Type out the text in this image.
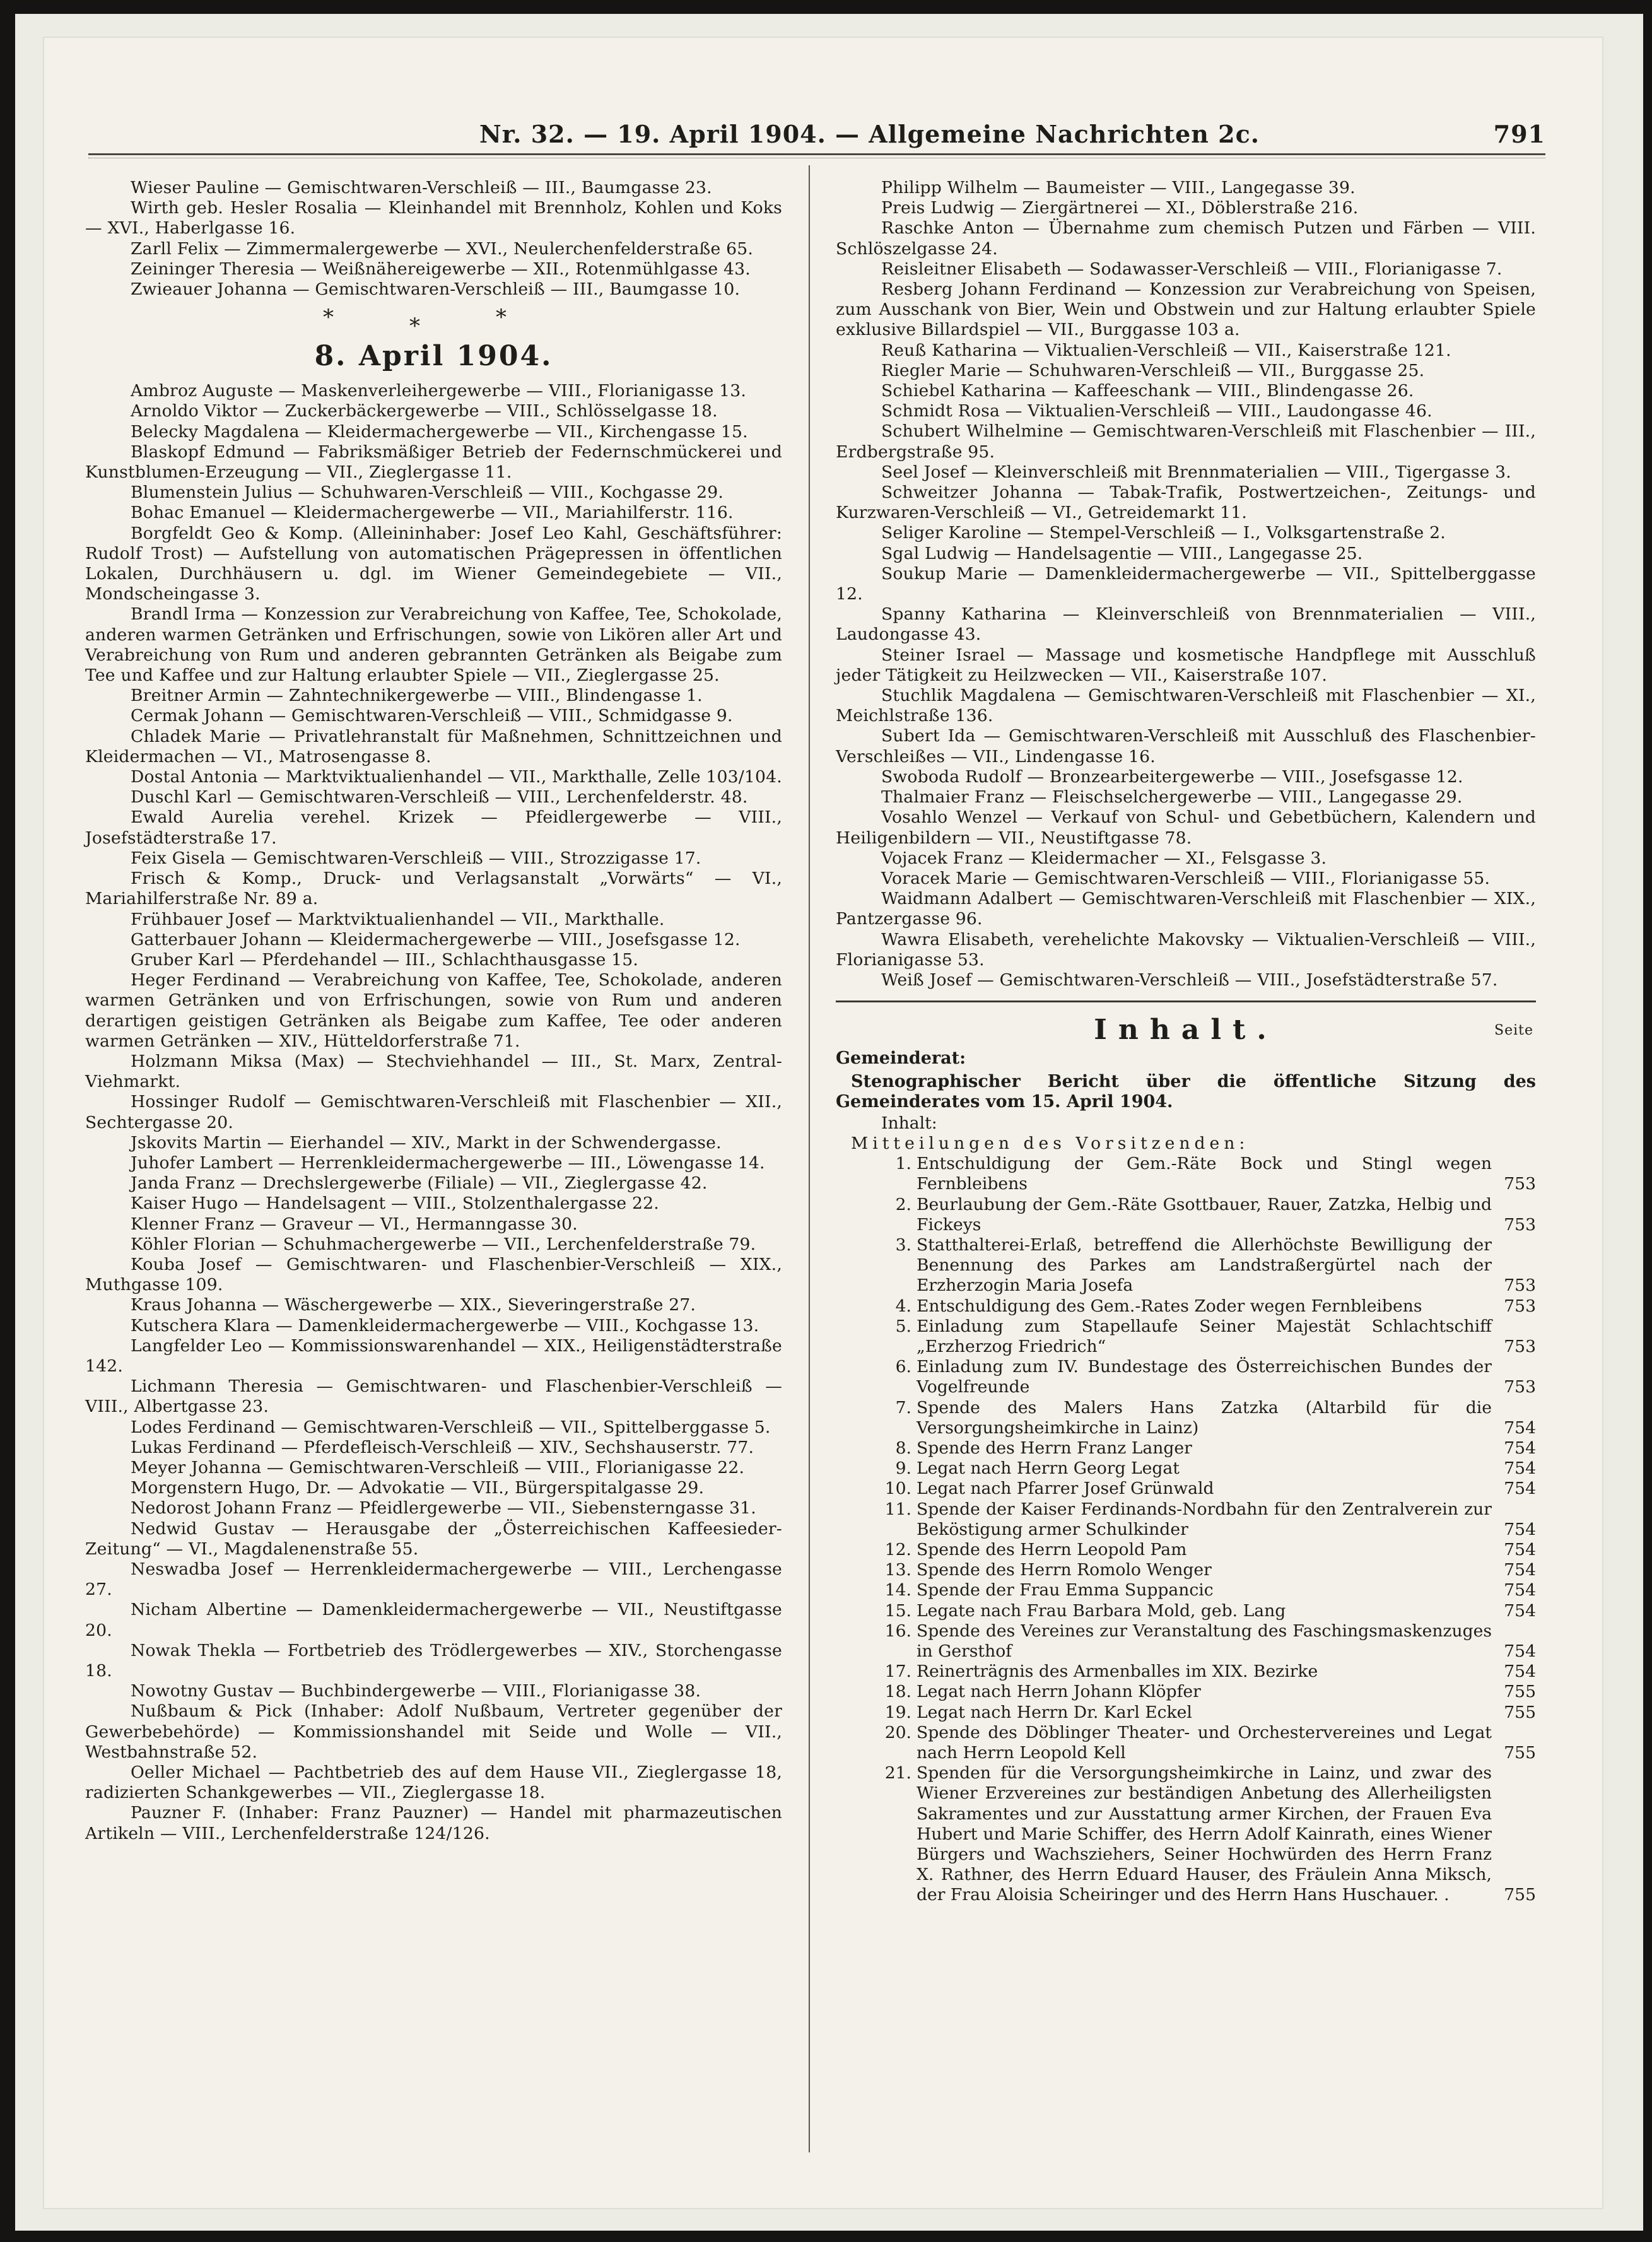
Nr. 32. — 19. April 1904. — Allgemeine Nachrichten 2c.	791

Wieser Pauline — Gemischtwaren-Verschleiß — III., Baumgasse 23.

Wirth geb. Hesler Rosalia — Kleinhandel mit Brennholz, Kohlen und Koks — XVI., Haberlgasse 16.

Zarll Felix — Zimmermalergewerbe — XVI., Neulerchenfelderstraße 65.

Zeininger Theresia — Weißnähereigewerbe — XII., Rotenmühlgasse 43.

Zwieauer Johanna — Gemischtwaren-Verschleiß — III., Baumgasse 10.

* * *
8. April 1904.

Ambroz Auguste — Maskenverleihergewerbe — VIII., Florianigasse 13.

Arnoldo Viktor — Zuckerbäckergewerbe — VIII., Schlösselgasse 18.

Belecky Magdalena — Kleidermachergewerbe — VII., Kirchengasse 15.

Blaskopf Edmund — Fabriksmäßiger Betrieb der Federnschmückerei und Kunstblumen-Erzeugung — VII., Zieglergasse 11.

Blumenstein Julius — Schuhwaren-Verschleiß — VIII., Kochgasse 29.

Bohac Emanuel — Kleidermachergewerbe — VII., Mariahilferstr. 116.

Borgfeldt Geo & Komp. (Alleininhaber: Josef Leo Kahl, Geschäftsführer: Rudolf Trost) — Aufstellung von automatischen Prägepressen in öffentlichen Lokalen, Durchhäusern u. dgl. im Wiener Gemeindegebiete — VII., Mondscheingasse 3.

Brandl Irma — Konzession zur Verabreichung von Kaffee, Tee, Schokolade, anderen warmen Getränken und Erfrischungen, sowie von Likören aller Art und Verabreichung von Rum und anderen gebrannten Getränken als Beigabe zum Tee und Kaffee und zur Haltung erlaubter Spiele — VII., Zieglergasse 25.

Breitner Armin — Zahntechnikergewerbe — VIII., Blindengasse 1.

Cermak Johann — Gemischtwaren-Verschleiß — VIII., Schmidgasse 9.

Chladek Marie — Privatlehranstalt für Maßnehmen, Schnittzeichnen und Kleidermachen — VI., Matrosengasse 8.

Dostal Antonia — Marktviktualienhandel — VII., Markthalle, Zelle 103/104.

Duschl Karl — Gemischtwaren-Verschleiß — VIII., Lerchenfelderstr. 48.

Ewald Aurelia verehel. Krizek — Pfeidlergewerbe — VIII., Josefstädterstraße 17.

Feix Gisela — Gemischtwaren-Verschleiß — VIII., Strozzigasse 17.

Frisch & Komp., Druck- und Verlagsanstalt „Vorwärts“ — VI., Mariahilferstraße Nr. 89 a.

Frühbauer Josef — Marktviktualienhandel — VII., Markthalle.

Gatterbauer Johann — Kleidermachergewerbe — VIII., Josefsgasse 12.

Gruber Karl — Pferdehandel — III., Schlachthausgasse 15.

Heger Ferdinand — Verabreichung von Kaffee, Tee, Schokolade, anderen warmen Getränken und von Erfrischungen, sowie von Rum und anderen derartigen geistigen Getränken als Beigabe zum Kaffee, Tee oder anderen warmen Getränken — XIV., Hütteldorferstraße 71.

Holzmann Miksa (Max) — Stechviehhandel — III., St. Marx, Zentral-Viehmarkt.

Hossinger Rudolf — Gemischtwaren-Verschleiß mit Flaschenbier — XII., Sechtergasse 20.

Jskovits Martin — Eierhandel — XIV., Markt in der Schwendergasse.

Juhofer Lambert — Herrenkleidermachergewerbe — III., Löwengasse 14.

Janda Franz — Drechslergewerbe (Filiale) — VII., Zieglergasse 42.

Kaiser Hugo — Handelsagent — VIII., Stolzenthalergasse 22.

Klenner Franz — Graveur — VI., Hermanngasse 30.

Köhler Florian — Schuhmachergewerbe — VII., Lerchenfelderstraße 79.

Kouba Josef — Gemischtwaren- und Flaschenbier-Verschleiß — XIX., Muthgasse 109.

Kraus Johanna — Wäschergewerbe — XIX., Sieveringerstraße 27.

Kutschera Klara — Damenkleidermachergewerbe — VIII., Kochgasse 13.

Langfelder Leo — Kommissionswarenhandel — XIX., Heiligenstädterstraße 142.

Lichmann Theresia — Gemischtwaren- und Flaschenbier-Verschleiß — VIII., Albertgasse 23.

Lodes Ferdinand — Gemischtwaren-Verschleiß — VII., Spittelberggasse 5.

Lukas Ferdinand — Pferdefleisch-Verschleiß — XIV., Sechshauserstr. 77.

Meyer Johanna — Gemischtwaren-Verschleiß — VIII., Florianigasse 22.

Morgenstern Hugo, Dr. — Advokatie — VII., Bürgerspitalgasse 29.

Nedorost Johann Franz — Pfeidlergewerbe — VII., Siebensterngasse 31.

Nedwid Gustav — Herausgabe der „Österreichischen Kaffeesieder-Zeitung“ — VI., Magdalenenstraße 55.

Neswadba Josef — Herrenkleidermachergewerbe — VIII., Lerchengasse 27.

Nicham Albertine — Damenkleidermachergewerbe — VII., Neustiftgasse 20.

Nowak Thekla — Fortbetrieb des Trödlergewerbes — XIV., Storchengasse 18.

Nowotny Gustav — Buchbindergewerbe — VIII., Florianigasse 38.

Nußbaum & Pick (Inhaber: Adolf Nußbaum, Vertreter gegenüber der Gewerbebehörde) — Kommissionshandel mit Seide und Wolle — VII., Westbahnstraße 52.

Oeller Michael — Pachtbetrieb des auf dem Hause VII., Zieglergasse 18, radizierten Schankgewerbes — VII., Zieglergasse 18.

Pauzner F. (Inhaber: Franz Pauzner) — Handel mit pharmazeutischen Artikeln — VIII., Lerchenfelderstraße 124/126.

Philipp Wilhelm — Baumeister — VIII., Langegasse 39.

Preis Ludwig — Ziergärtnerei — XI., Döblerstraße 216.

Raschke Anton — Übernahme zum chemisch Putzen und Färben — VIII. Schlöszelgasse 24.

Reisleitner Elisabeth — Sodawasser-Verschleiß — VIII., Florianigasse 7.

Resberg Johann Ferdinand — Konzession zur Verabreichung von Speisen, zum Ausschank von Bier, Wein und Obstwein und zur Haltung erlaubter Spiele exklusive Billardspiel — VII., Burggasse 103 a.

Reuß Katharina — Viktualien-Verschleiß — VII., Kaiserstraße 121.

Riegler Marie — Schuhwaren-Verschleiß — VII., Burggasse 25.

Schiebel Katharina — Kaffeeschank — VIII., Blindengasse 26.

Schmidt Rosa — Viktualien-Verschleiß — VIII., Laudongasse 46.

Schubert Wilhelmine — Gemischtwaren-Verschleiß mit Flaschenbier — III., Erdbergstraße 95.

Seel Josef — Kleinverschleiß mit Brennmaterialien — VIII., Tigergasse 3.

Schweitzer Johanna — Tabak-Trafik, Postwertzeichen-, Zeitungs- und Kurzwaren-Verschleiß — VI., Getreidemarkt 11.

Seliger Karoline — Stempel-Verschleiß — I., Volksgartenstraße 2.

Sgal Ludwig — Handelsagentie — VIII., Langegasse 25.

Soukup Marie — Damenkleidermachergewerbe — VII., Spittelberggasse 12.

Spanny Katharina — Kleinverschleiß von Brennmaterialien — VIII., Laudongasse 43.

Steiner Israel — Massage und kosmetische Handpflege mit Ausschluß jeder Tätigkeit zu Heilzwecken — VII., Kaiserstraße 107.

Stuchlik Magdalena — Gemischtwaren-Verschleiß mit Flaschenbier — XI., Meichlstraße 136.

Subert Ida — Gemischtwaren-Verschleiß mit Ausschluß des Flaschenbier-Verschleißes — VII., Lindengasse 16.

Swoboda Rudolf — Bronzearbeitergewerbe — VIII., Josefsgasse 12.

Thalmaier Franz — Fleischselchergewerbe — VIII., Langegasse 29.

Vosahlo Wenzel — Verkauf von Schul- und Gebetbüchern, Kalendern und Heiligenbildern — VII., Neustiftgasse 78.

Vojacek Franz — Kleidermacher — XI., Felsgasse 3.

Voracek Marie — Gemischtwaren-Verschleiß — VIII., Florianigasse 55.

Waidmann Adalbert — Gemischtwaren-Verschleiß mit Flaschenbier — XIX., Pantzergasse 96.

Wawra Elisabeth, verehelichte Makovsky — Viktualien-Verschleiß — VIII., Florianigasse 53.

Weiß Josef — Gemischtwaren-Verschleiß — VIII., Josefstädterstraße 57.

Inhalt.	Seite

Gemeinderat:

Stenographischer Bericht über die öffentliche Sitzung des Gemeinderates vom 15. April 1904.

Inhalt:

Mitteilungen des Vorsitzenden:

1. Entschuldigung der Gem.-Räte Bock und Stingl wegen Fernbleibens	753
2. Beurlaubung der Gem.-Räte Gsottbauer, Rauer, Zatzka, Helbig und Fickeys	753
3. Statthalterei-Erlaß, betreffend die Allerhöchste Bewilligung der Benennung des Parkes am Landstraßergürtel nach der Erzherzogin Maria Josefa	753
4. Entschuldigung des Gem.-Rates Zoder wegen Fernbleibens	753
5. Einladung zum Stapellaufe Seiner Majestät Schlachtschiff „Erzherzog Friedrich“	753
6. Einladung zum IV. Bundestage des Österreichischen Bundes der Vogelfreunde	753
7. Spende des Malers Hans Zatzka (Altarbild für die Versorgungsheimkirche in Lainz)	754
8. Spende des Herrn Franz Langer	754
9. Legat nach Herrn Georg Legat	754
10. Legat nach Pfarrer Josef Grünwald	754
11. Spende der Kaiser Ferdinands-Nordbahn für den Zentralverein zur Beköstigung armer Schulkinder	754
12. Spende des Herrn Leopold Pam	754
13. Spende des Herrn Romolo Wenger	754
14. Spende der Frau Emma Suppancic	754
15. Legate nach Frau Barbara Mold, geb. Lang	754
16. Spende des Vereines zur Veranstaltung des Faschingsmaskenzuges in Gersthof	754
17. Reinerträgnis des Armenballes im XIX. Bezirke	754
18. Legat nach Herrn Johann Klöpfer	755
19. Legat nach Herrn Dr. Karl Eckel	755
20. Spende des Döblinger Theater- und Orchestervereines und Legat nach Herrn Leopold Kell	755
21. Spenden für die Versorgungsheimkirche in Lainz, und zwar des Wiener Erzvereines zur beständigen Anbetung des Allerheiligsten Sakramentes und zur Ausstattung armer Kirchen, der Frauen Eva Hubert und Marie Schiffer, des Herrn Adolf Kainrath, eines Wiener Bürgers und Wachsziehers, Seiner Hochwürden des Herrn Franz X. Rathner, des Herrn Eduard Hauser, des Fräulein Anna Miksch, der Frau Aloisia Scheiringer und des Herrn Hans Huschauer. .	755
